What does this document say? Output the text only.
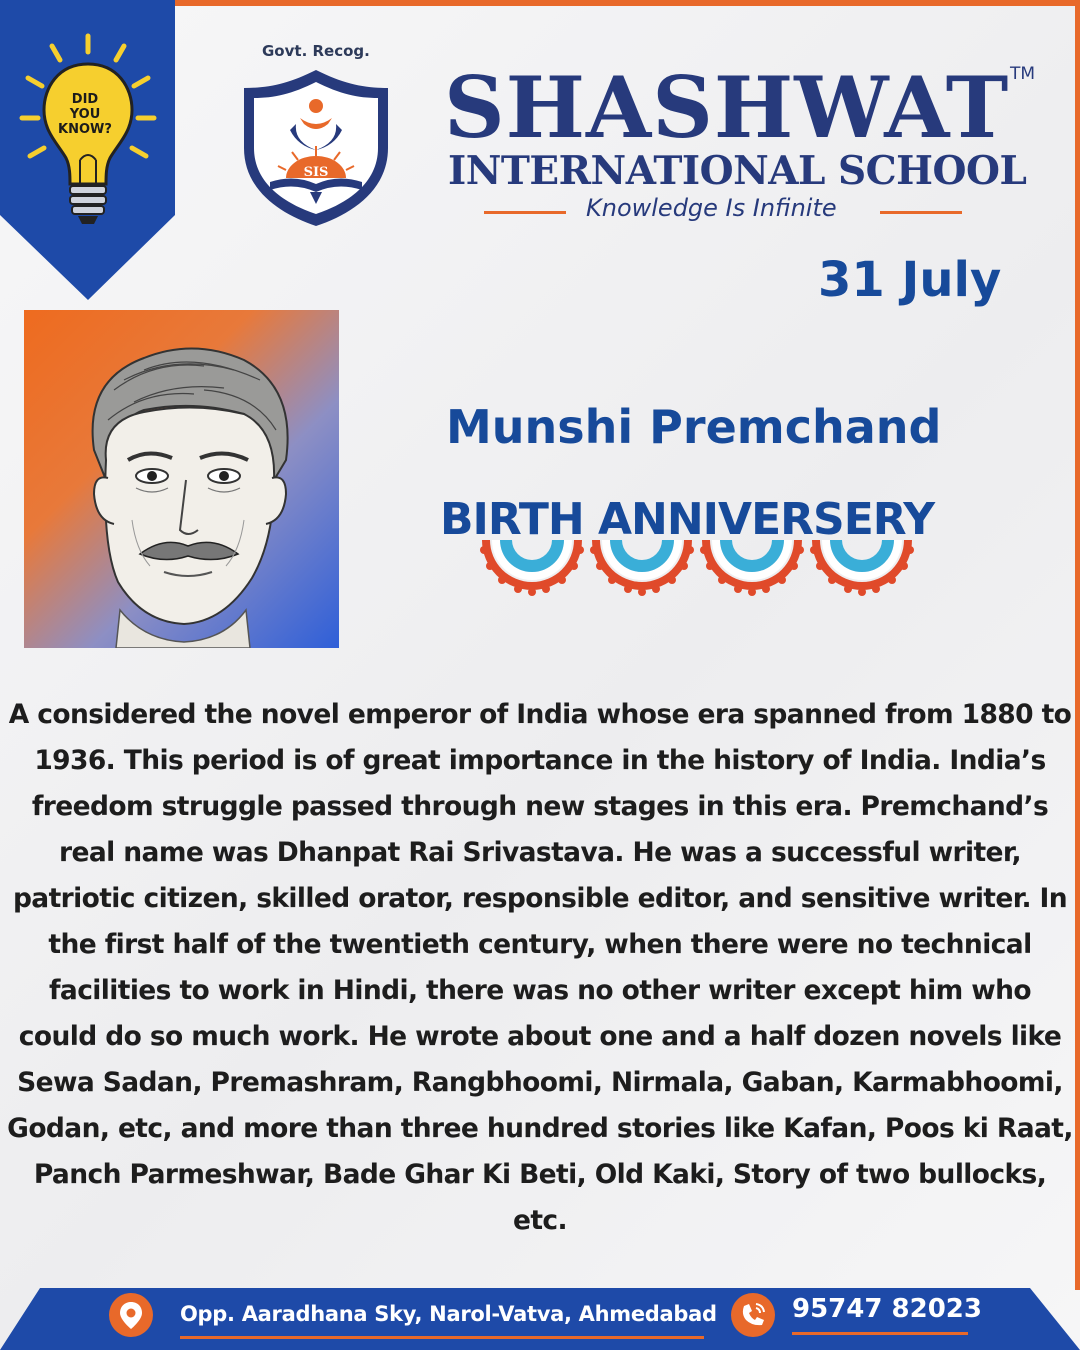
DID
YOU
KNOW?
Govt. Recog.
SIS
SHASHWAT TM
INTERNATIONAL SCHOOL
Knowledge Is Infinite
31 July
Munshi Premchand
BIRTH ANNIVERSERY
A considered the novel emperor of India whose era spanned from 1880 to 1936. This period is of great importance in the history of India. India’s freedom struggle passed through new stages in this era. Premchand’s real name was Dhanpat Rai Srivastava. He was a successful writer, patriotic citizen, skilled orator, responsible editor, and sensitive writer. In the first half of the twentieth century, when there were no technical facilities to work in Hindi, there was no other writer except him who could do so much work. He wrote about one and a half dozen novels like Sewa Sadan, Premashram, Rangbhoomi, Nirmala, Gaban, Karmabhoomi, Godan, etc, and more than three hundred stories like Kafan, Poos ki Raat, Panch Parmeshwar, Bade Ghar Ki Beti, Old Kaki, Story of two bullocks, etc.
Opp. Aaradhana Sky, Narol-Vatva, Ahmedabad	95747 82023
